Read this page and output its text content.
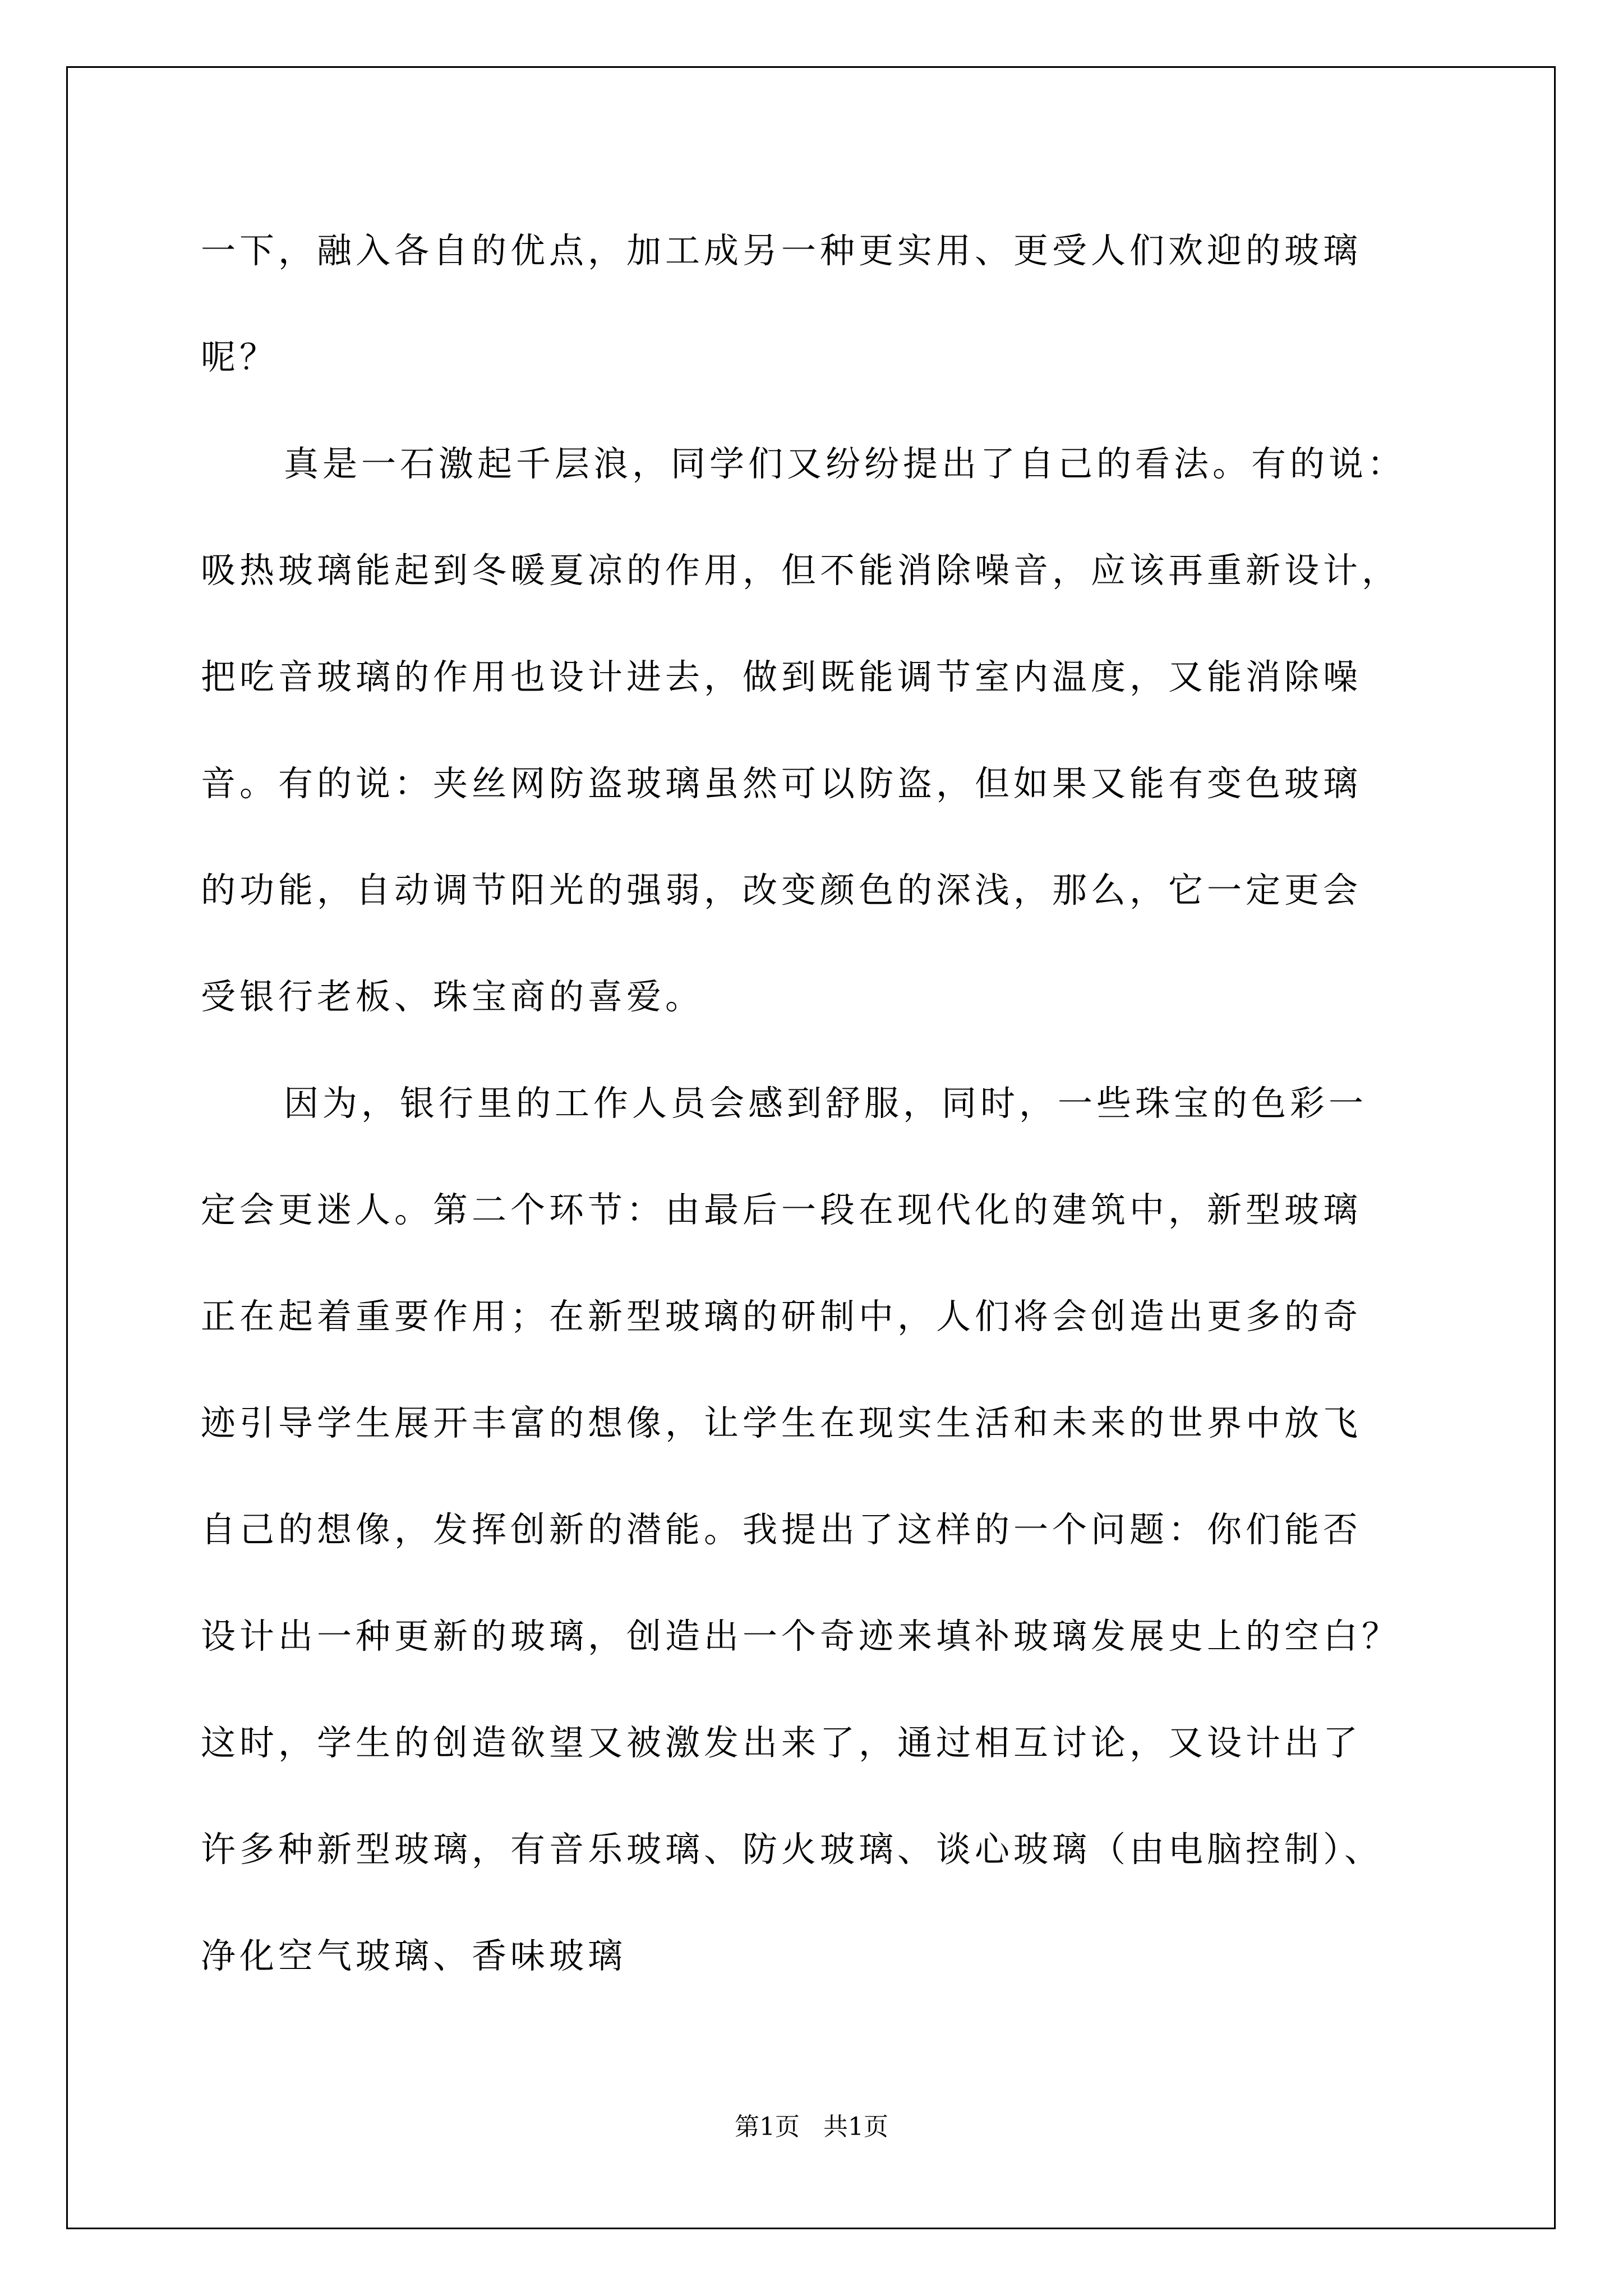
一下，融入各自的优点，加工成另一种更实用、更受人们欢迎的玻璃
呢？
真是一石激起千层浪，同学们又纷纷提出了自己的看法。有的说：
吸热玻璃能起到冬暖夏凉的作用，但不能消除噪音，应该再重新设计，
把吃音玻璃的作用也设计进去，做到既能调节室内温度，又能消除噪
音。有的说：夹丝网防盗玻璃虽然可以防盗，但如果又能有变色玻璃
的功能，自动调节阳光的强弱，改变颜色的深浅，那么，它一定更会
受银行老板、珠宝商的喜爱。
因为，银行里的工作人员会感到舒服，同时，一些珠宝的色彩一
定会更迷人。第二个环节：由最后一段在现代化的建筑中，新型玻璃
正在起着重要作用；在新型玻璃的研制中，人们将会创造出更多的奇
迹引导学生展开丰富的想像，让学生在现实生活和未来的世界中放飞
自己的想像，发挥创新的潜能。我提出了这样的一个问题：你们能否
设计出一种更新的玻璃，创造出一个奇迹来填补玻璃发展史上的空白？
这时，学生的创造欲望又被激发出来了，通过相互讨论，又设计出了
许多种新型玻璃，有音乐玻璃、防火玻璃、谈心玻璃（由电脑控制）、
净化空气玻璃、香味玻璃
第1页 共1页
